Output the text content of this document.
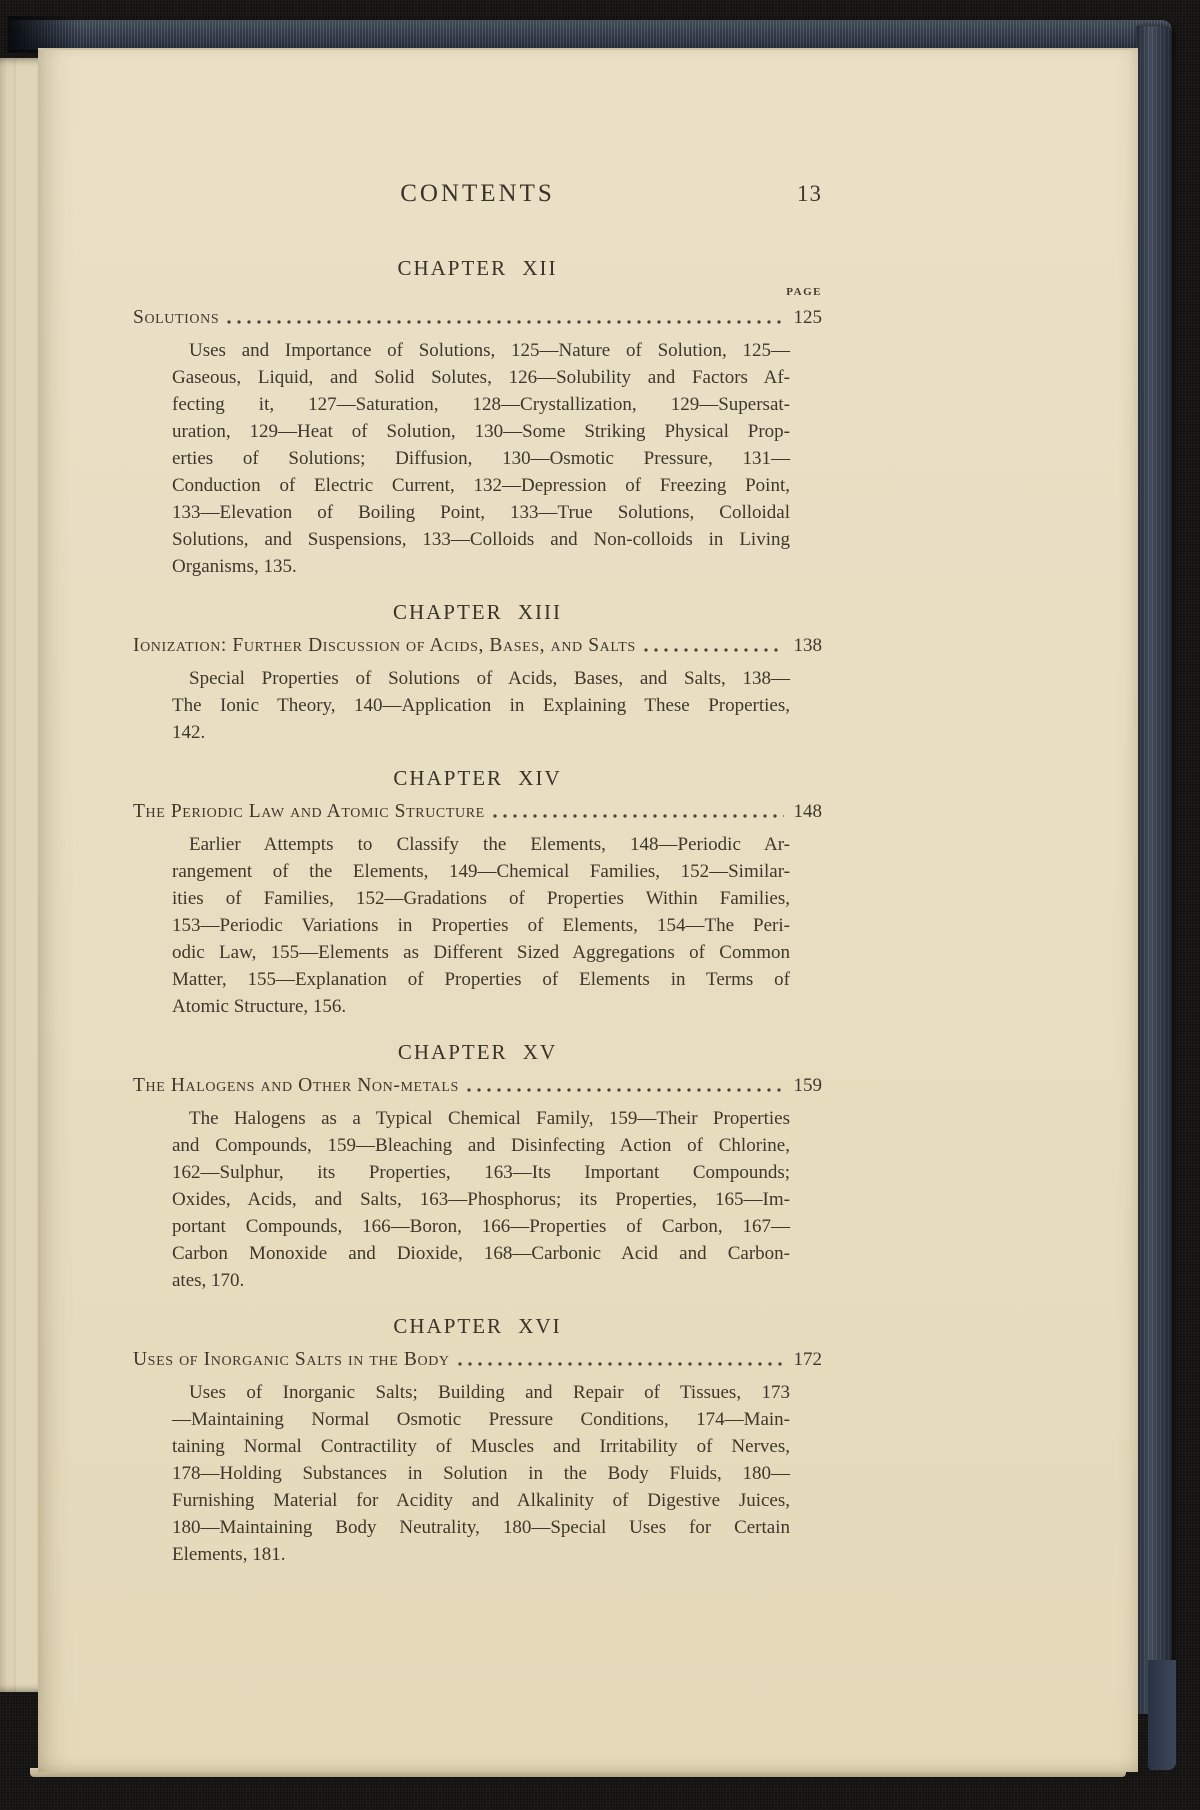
CONTENTS	13
CHAPTER XII
PAGE
Solutions	125
Uses and Importance of Solutions, 125—Nature of Solution, 125—
Gaseous, Liquid, and Solid Solutes, 126—Solubility and Factors Af-
fecting it, 127—Saturation, 128—Crystallization, 129—Supersat-
uration, 129—Heat of Solution, 130—Some Striking Physical Prop-
erties of Solutions; Diffusion, 130—Osmotic Pressure, 131—
Conduction of Electric Current, 132—Depression of Freezing Point,
133—Elevation of Boiling Point, 133—True Solutions, Colloidal
Solutions, and Suspensions, 133—Colloids and Non-colloids in Living
Organisms, 135.
CHAPTER XIII
Ionization: Further Discussion of Acids, Bases, and Salts	138
Special Properties of Solutions of Acids, Bases, and Salts, 138—
The Ionic Theory, 140—Application in Explaining These Properties,
142.
CHAPTER XIV
The Periodic Law and Atomic Structure	148
Earlier Attempts to Classify the Elements, 148—Periodic Ar-
rangement of the Elements, 149—Chemical Families, 152—Similar-
ities of Families, 152—Gradations of Properties Within Families,
153—Periodic Variations in Properties of Elements, 154—The Peri-
odic Law, 155—Elements as Different Sized Aggregations of Common
Matter, 155—Explanation of Properties of Elements in Terms of
Atomic Structure, 156.
CHAPTER XV
The Halogens and Other Non-metals	159
The Halogens as a Typical Chemical Family, 159—Their Properties
and Compounds, 159—Bleaching and Disinfecting Action of Chlorine,
162—Sulphur, its Properties, 163—Its Important Compounds;
Oxides, Acids, and Salts, 163—Phosphorus; its Properties, 165—Im-
portant Compounds, 166—Boron, 166—Properties of Carbon, 167—
Carbon Monoxide and Dioxide, 168—Carbonic Acid and Carbon-
ates, 170.
CHAPTER XVI
Uses of Inorganic Salts in the Body	172
Uses of Inorganic Salts; Building and Repair of Tissues, 173
—Maintaining Normal Osmotic Pressure Conditions, 174—Main-
taining Normal Contractility of Muscles and Irritability of Nerves,
178—Holding Substances in Solution in the Body Fluids, 180—
Furnishing Material for Acidity and Alkalinity of Digestive Juices,
180—Maintaining Body Neutrality, 180—Special Uses for Certain
Elements, 181.
